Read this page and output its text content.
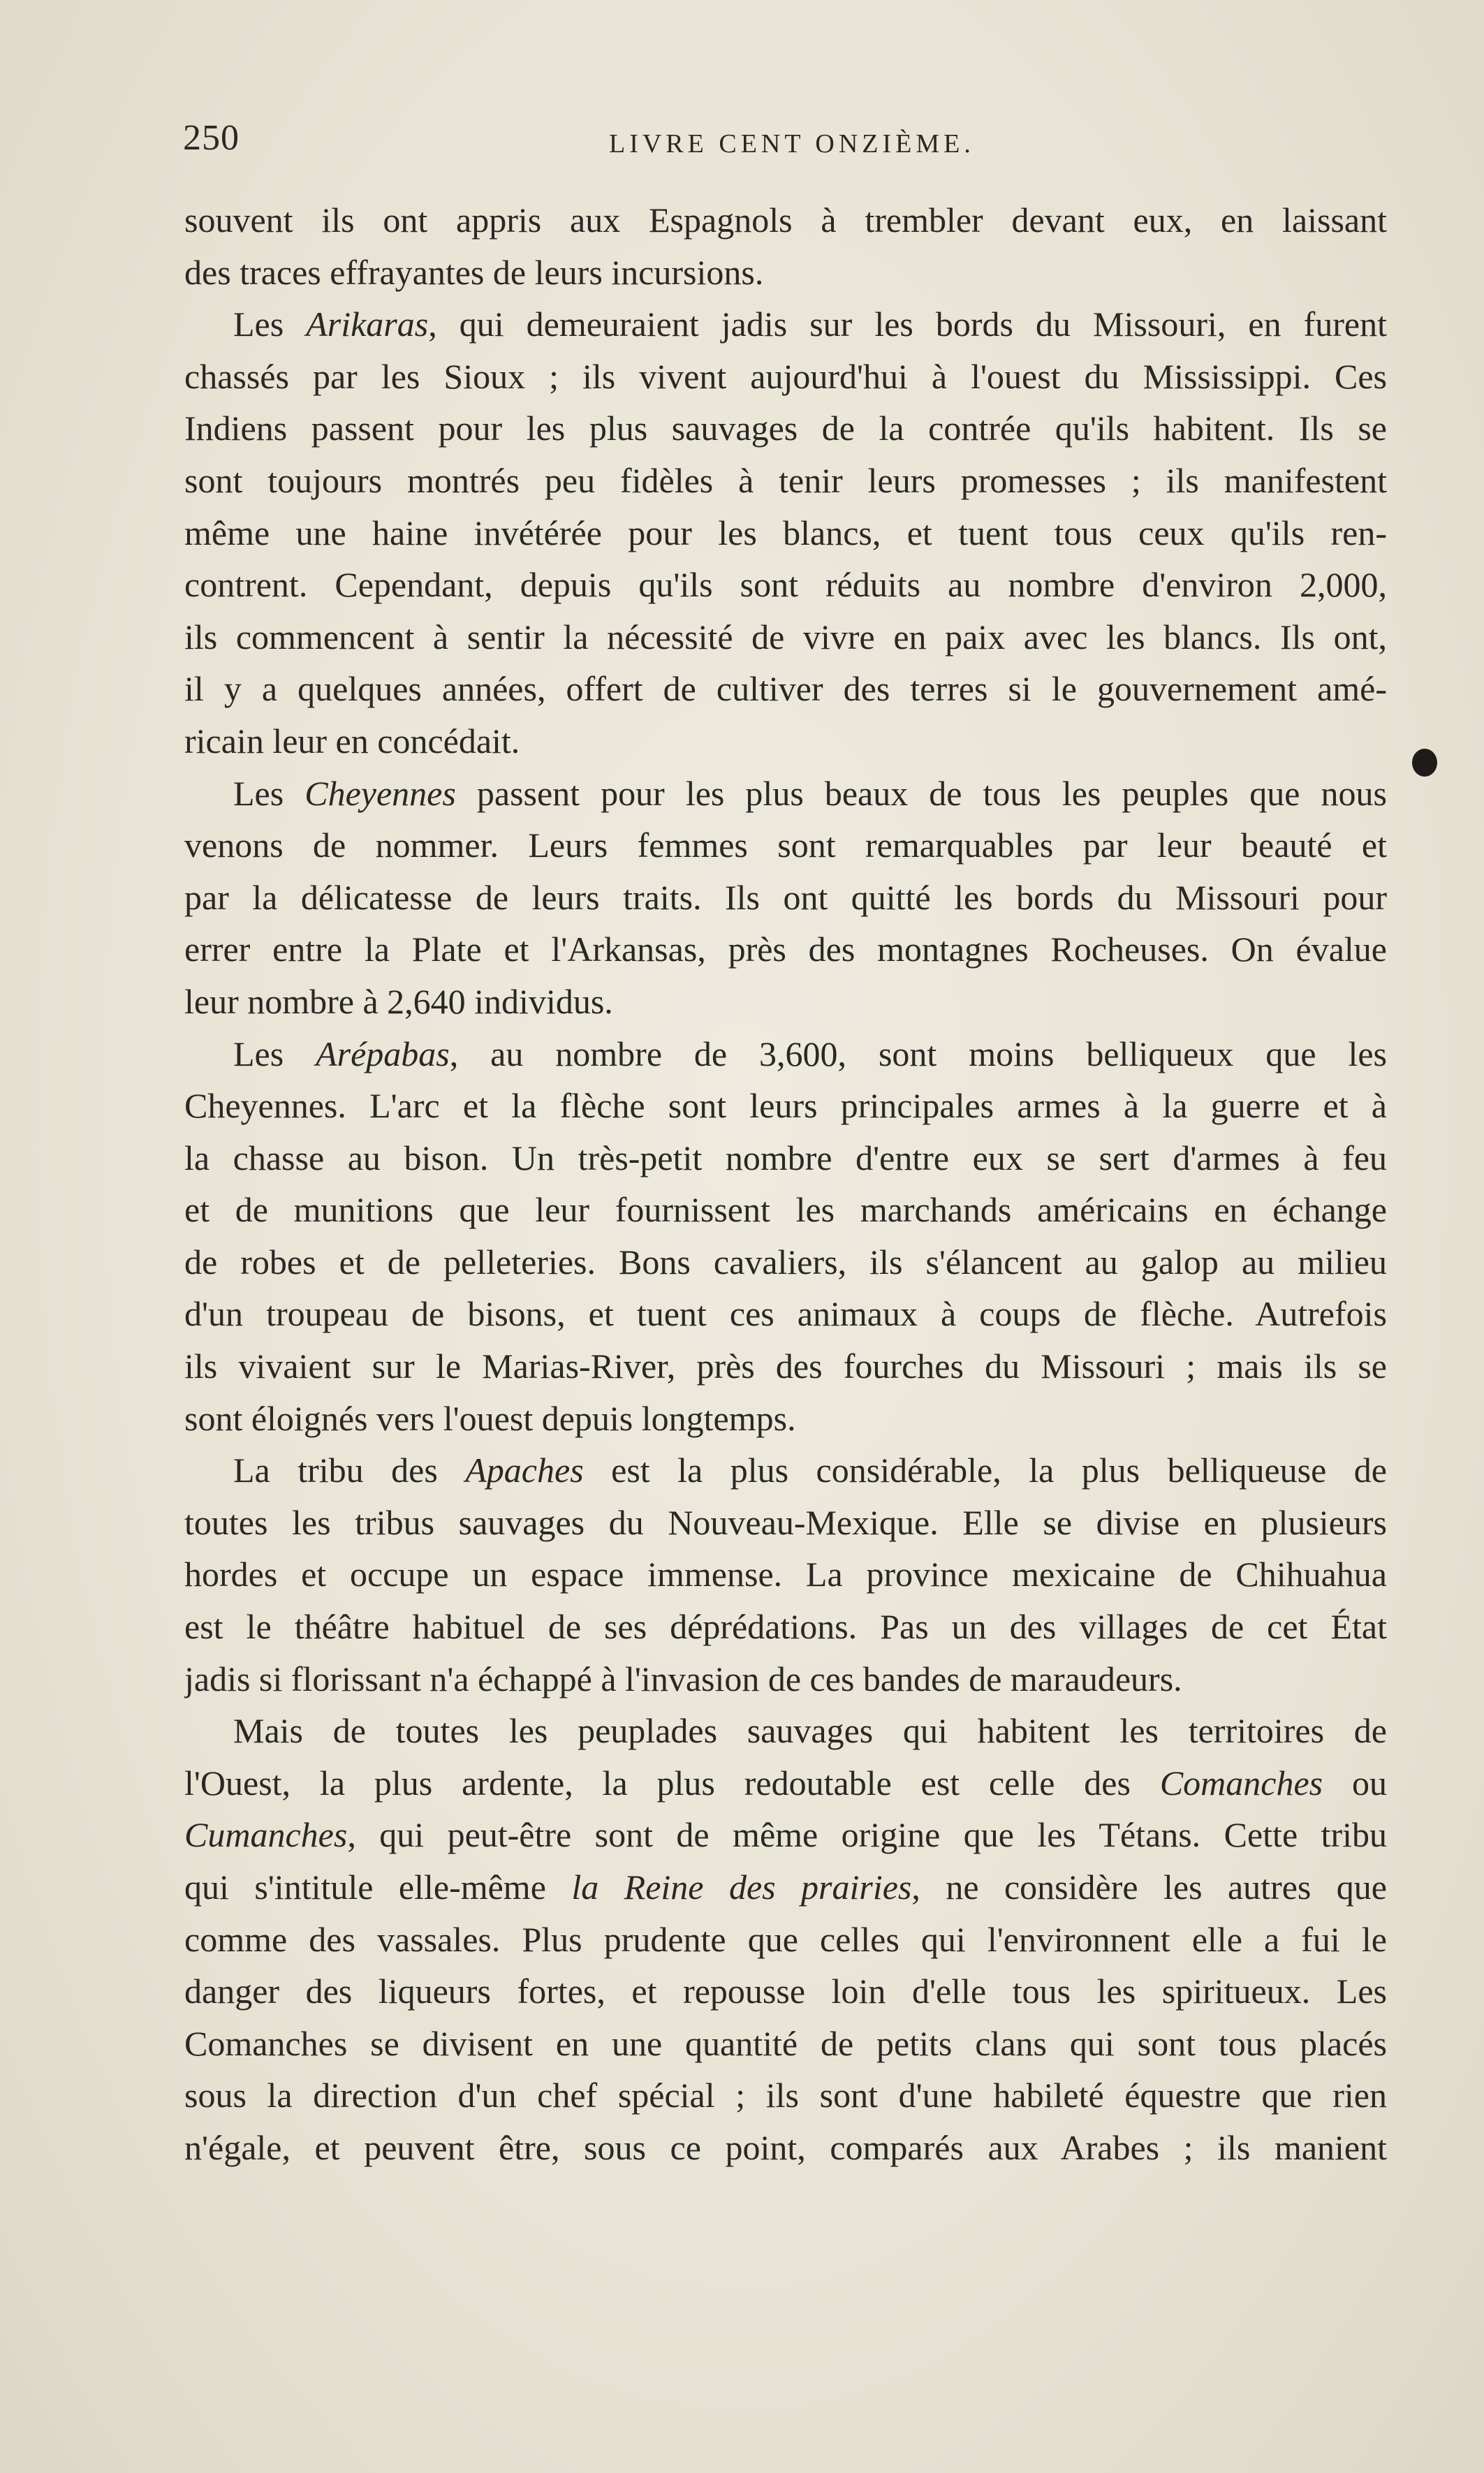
250	LIVRE CENT ONZIÈME.
souvent ils ont appris aux Espagnols à trembler devant eux, en laissant
des traces effrayantes de leurs incursions.
Les Arikaras, qui demeuraient jadis sur les bords du Missouri, en furent
chassés par les Sioux ; ils vivent aujourd'hui à l'ouest du Mississippi. Ces
Indiens passent pour les plus sauvages de la contrée qu'ils habitent. Ils se
sont toujours montrés peu fidèles à tenir leurs promesses ; ils manifestent
même une haine invétérée pour les blancs, et tuent tous ceux qu'ils ren-
contrent. Cependant, depuis qu'ils sont réduits au nombre d'environ 2,000,
ils commencent à sentir la nécessité de vivre en paix avec les blancs. Ils ont,
il y a quelques années, offert de cultiver des terres si le gouvernement amé-
ricain leur en concédait.
Les Cheyennes passent pour les plus beaux de tous les peuples que nous
venons de nommer. Leurs femmes sont remarquables par leur beauté et
par la délicatesse de leurs traits. Ils ont quitté les bords du Missouri pour
errer entre la Plate et l'Arkansas, près des montagnes Rocheuses. On évalue
leur nombre à 2,640 individus.
Les Arépabas, au nombre de 3,600, sont moins belliqueux que les
Cheyennes. L'arc et la flèche sont leurs principales armes à la guerre et à
la chasse au bison. Un très-petit nombre d'entre eux se sert d'armes à feu
et de munitions que leur fournissent les marchands américains en échange
de robes et de pelleteries. Bons cavaliers, ils s'élancent au galop au milieu
d'un troupeau de bisons, et tuent ces animaux à coups de flèche. Autrefois
ils vivaient sur le Marias-River, près des fourches du Missouri ; mais ils se
sont éloignés vers l'ouest depuis longtemps.
La tribu des Apaches est la plus considérable, la plus belliqueuse de
toutes les tribus sauvages du Nouveau-Mexique. Elle se divise en plusieurs
hordes et occupe un espace immense. La province mexicaine de Chihuahua
est le théâtre habituel de ses déprédations. Pas un des villages de cet État
jadis si florissant n'a échappé à l'invasion de ces bandes de maraudeurs.
Mais de toutes les peuplades sauvages qui habitent les territoires de
l'Ouest, la plus ardente, la plus redoutable est celle des Comanches ou
Cumanches, qui peut-être sont de même origine que les Tétans. Cette tribu
qui s'intitule elle-même la Reine des prairies, ne considère les autres que
comme des vassales. Plus prudente que celles qui l'environnent elle a fui le
danger des liqueurs fortes, et repousse loin d'elle tous les spiritueux. Les
Comanches se divisent en une quantité de petits clans qui sont tous placés
sous la direction d'un chef spécial ; ils sont d'une habileté équestre que rien
n'égale, et peuvent être, sous ce point, comparés aux Arabes ; ils manient
